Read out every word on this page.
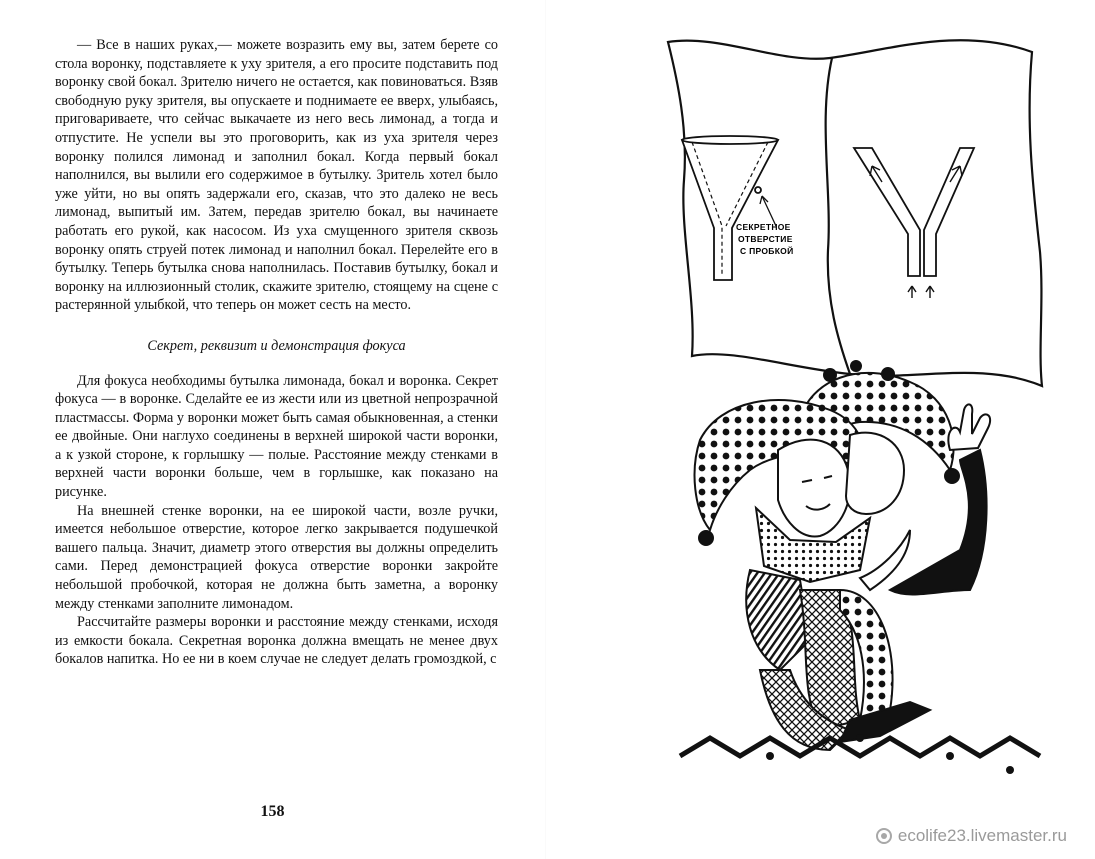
— Все в наших руках,— можете возразить ему вы, затем берете со стола воронку, подставляете к уху зрителя, а его просите подставить под воронку свой бокал. Зрителю ничего не остается, как повиноваться. Взяв свободную руку зрителя, вы опускаете и поднимаете ее вверх, улыбаясь, приговариваете, что сейчас выкачаете из него весь лимонад, а тогда и отпустите. Не успели вы это проговорить, как из уха зрителя через воронку полился лимонад и заполнил бокал. Когда первый бокал наполнился, вы вылили его содержимое в бутылку. Зритель хотел было уже уйти, но вы опять задержали его, сказав, что это далеко не весь лимонад, выпитый им. Затем, передав зрителю бокал, вы начинаете работать его рукой, как насосом. Из уха смущенного зрителя сквозь воронку опять струей потек лимонад и наполнил бокал. Перелейте его в бутылку. Теперь бутылка снова наполнилась. Поставив бутылку, бокал и воронку на иллюзионный столик, скажите зрителю, стоящему на сцене с растерянной улыбкой, что теперь он может сесть на место.

Секрет, реквизит и демонстрация фокуса

Для фокуса необходимы бутылка лимонада, бокал и воронка. Секрет фокуса — в воронке. Сделайте ее из жести или из цветной непрозрачной пластмассы. Форма у воронки может быть самая обыкновенная, а стенки ее двойные. Они наглухо соединены в верхней широкой части воронки, а к узкой стороне, к горлышку — полые. Расстояние между стенками в верхней части воронки больше, чем в горлышке, как показано на рисунке.

На внешней стенке воронки, на ее широкой части, возле ручки, имеется небольшое отверстие, которое легко закрывается подушечкой вашего пальца. Значит, диаметр этого отверстия вы должны определить сами. Перед демонстрацией фокуса отверстие воронки закройте небольшой пробочкой, которая не должна быть заметна, а воронку между стенками заполните лимонадом.

Рассчитайте размеры воронки и расстояние между стенками, исходя из емкости бокала. Секретная воронка должна вмещать не менее двух бокалов напитка. Но ее ни в коем случае не следует делать громоздкой, с

158
СЕКРЕТНОЕ
ОТВЕРСТИЕ
С ПРОБКОЙ
ecolife23.livemaster.ru
